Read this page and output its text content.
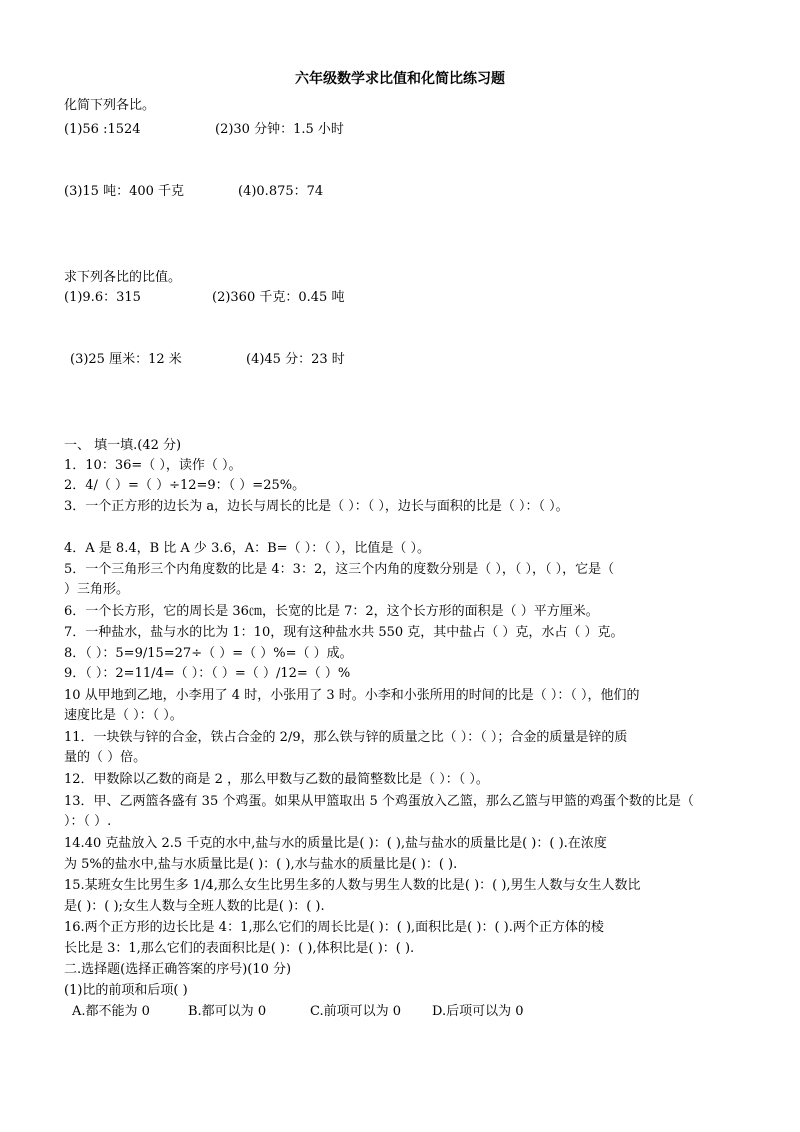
六年级数学求比值和化简比练习题
化简下列各比。
(1)56 :1524	(2)30 分钟：1.5 小时
(3)15 吨：400 千克	(4)0.875：74
求下列各比的比值。
(1)9.6：315	(2)360 千克：0.45 吨
(3)25 厘米：12 米	(4)45 分：23 时
一、 填一填.(42 分)
1．10：36=（ ），读作（ ）。
2．4/（ ）=（ ）÷12=9：（ ）=25%。
3．一个正方形的边长为 a，边长与周长的比是（ ）：（ ），边长与面积的比是（ ）：（ ）。
4．A 是 8.4，B 比 A 少 3.6，A：B=（ ）：（ ），比值是（ ）。
5．一个三角形三个内角度数的比是 4：3：2，这三个内角的度数分别是（ ），（ ），（ ），它是（
）三角形。
6．一个长方形，它的周长是 36㎝，长宽的比是 7：2，这个长方形的面积是（ ）平方厘米。
7．一种盐水，盐与水的比为 1：10，现有这种盐水共 550 克，其中盐占（ ）克，水占（ ）克。
8．（ ）：5=9/15=27÷（ ）=（ ）%=（ ）成。
9．（ ）：2=11/4=（ ）：（ ）=（ ）/12=（ ）%
10 从甲地到乙地，小李用了 4 时，小张用了 3 时。小李和小张所用的时间的比是（ ）：（ ），他们的
速度比是（ ）：（ ）。
11．一块铁与锌的合金，铁占合金的 2/9，那么铁与锌的质量之比（ ）：（ ）；合金的质量是锌的质
量的（ ）倍。
12．甲数除以乙数的商是 2 ，那么甲数与乙数的最简整数比是（ ）：（ ）。
13．甲、乙两篮各盛有 35 个鸡蛋。如果从甲篮取出 5 个鸡蛋放入乙篮，那么乙篮与甲篮的鸡蛋个数的比是（
）：（ ）.
14.40 克盐放入 2.5 千克的水中,盐与水的质量比是( )：( ),盐与盐水的质量比是( )：( ).在浓度
为 5%的盐水中,盐与水质量比是( )：( ),水与盐水的质量比是( )：( ).
15.某班女生比男生多 1/4,那么女生比男生多的人数与男生人数的比是( )：( ),男生人数与女生人数比
是( )：( );女生人数与全班人数的比是( )：( ).
16.两个正方形的边长比是 4：1,那么它们的周长比是( )：( ),面积比是( )：( ).两个正方体的棱
长比是 3：1,那么它们的表面积比是( )：( ),体积比是( )：( ).
二.选择题(选择正确答案的序号)(10 分)
(1)比的前项和后项( )
A.都不能为 0	B.都可以为 0	C.前项可以为 0 D.后项可以为 0
